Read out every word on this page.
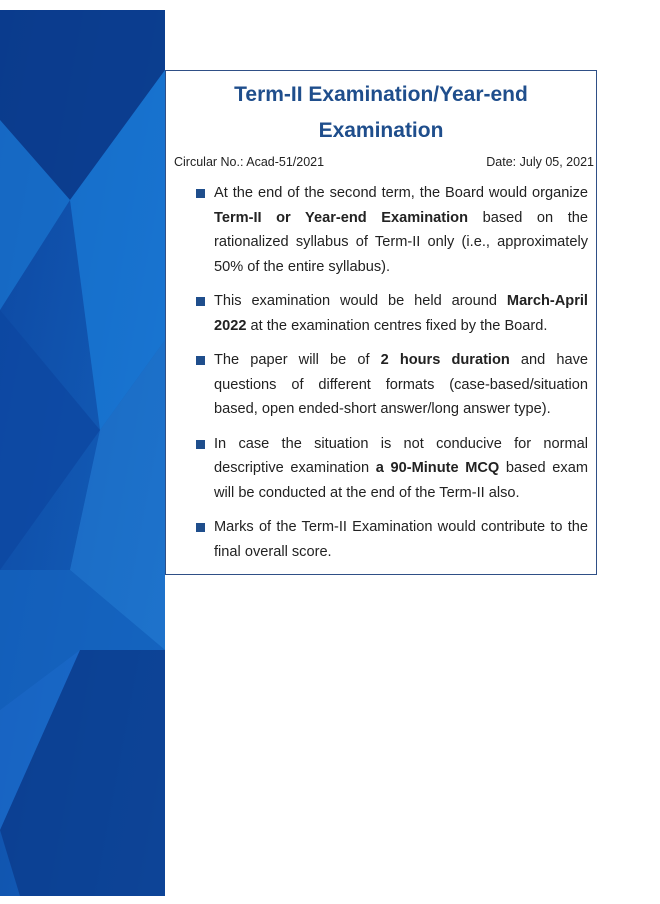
Term-II Examination/Year-end
Examination
Circular No.: Acad-51/2021	Date: July 05, 2021
At the end of the second term, the Board would organize Term-II or Year-end Examination based on the rationalized syllabus of Term-II only (i.e., approximately 50% of the entire syllabus).
This examination would be held around March-April 2022 at the examination centres fixed by the Board.
The paper will be of 2 hours duration and have questions of different formats (case-based/situation based, open ended-short answer/long answer type).
In case the situation is not conducive for normal descriptive examination a 90-Minute MCQ based exam will be conducted at the end of the Term-II also.
Marks of the Term-II Examination would contribute to the final overall score.
